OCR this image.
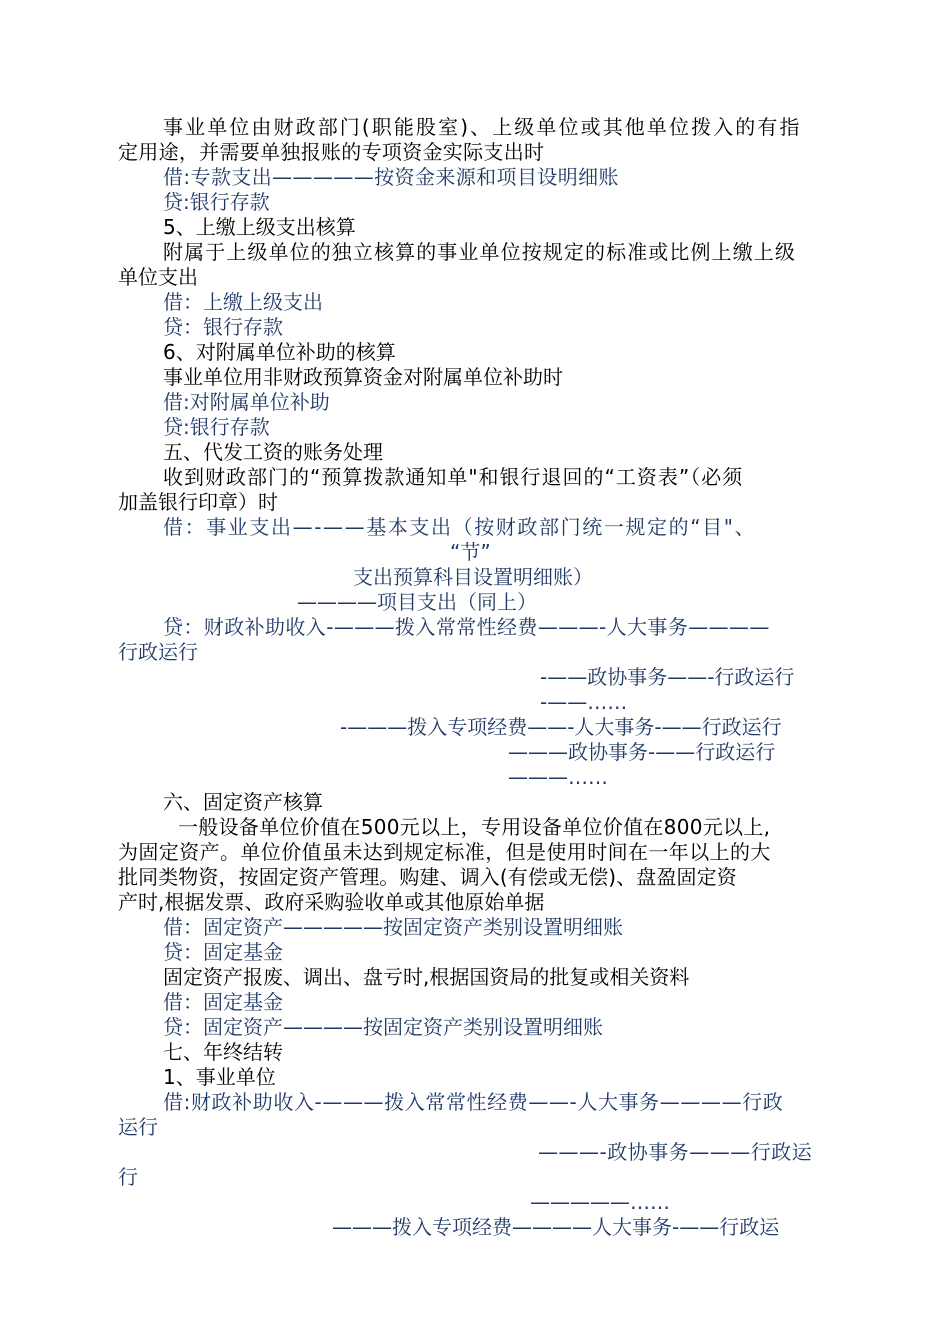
事业单位由财政部门(职能股室)、上级单位或其他单位拨入的有指
定用途，并需要单独报账的专项资金实际支出时
借:专款支出—————按资金来源和项目设明细账
贷:银行存款
5、上缴上级支出核算
附属于上级单位的独立核算的事业单位按规定的标准或比例上缴上级
单位支出
借：上缴上级支出
贷：银行存款
6、对附属单位补助的核算
事业单位用非财政预算资金对附属单位补助时
借:对附属单位补助
贷:银行存款
五、代发工资的账务处理
收到财政部门的“预算拨款通知单"和银行退回的“工资表”（必须
加盖银行印章）时
借：事业支出—-——基本支出（按财政部门统一规定的“目"、
“节”
支出预算科目设置明细账）
————项目支出（同上）
贷：财政补助收入-———拨入常常性经费———-人大事务————
行政运行
-——政协事务——-行政运行
-——……
-———拨入专项经费——-人大事务-——行政运行
———政协事务-——行政运行
———……
六、固定资产核算
一般设备单位价值在500元以上，专用设备单位价值在800元以上,
为固定资产。单位价值虽未达到规定标准，但是使用时间在一年以上的大
批同类物资，按固定资产管理。购建、调入(有偿或无偿)、盘盈固定资
产时,根据发票、政府采购验收单或其他原始单据
借：固定资产—————按固定资产类别设置明细账
贷：固定基金
固定资产报废、调出、盘亏时,根据国资局的批复或相关资料
借：固定基金
贷：固定资产————按固定资产类别设置明细账
七、年终结转
1、事业单位
借:财政补助收入-———拨入常常性经费——-人大事务————行政
运行
———-政协事务———行政运
行
—————……
———拨入专项经费————人大事务-——行政运
